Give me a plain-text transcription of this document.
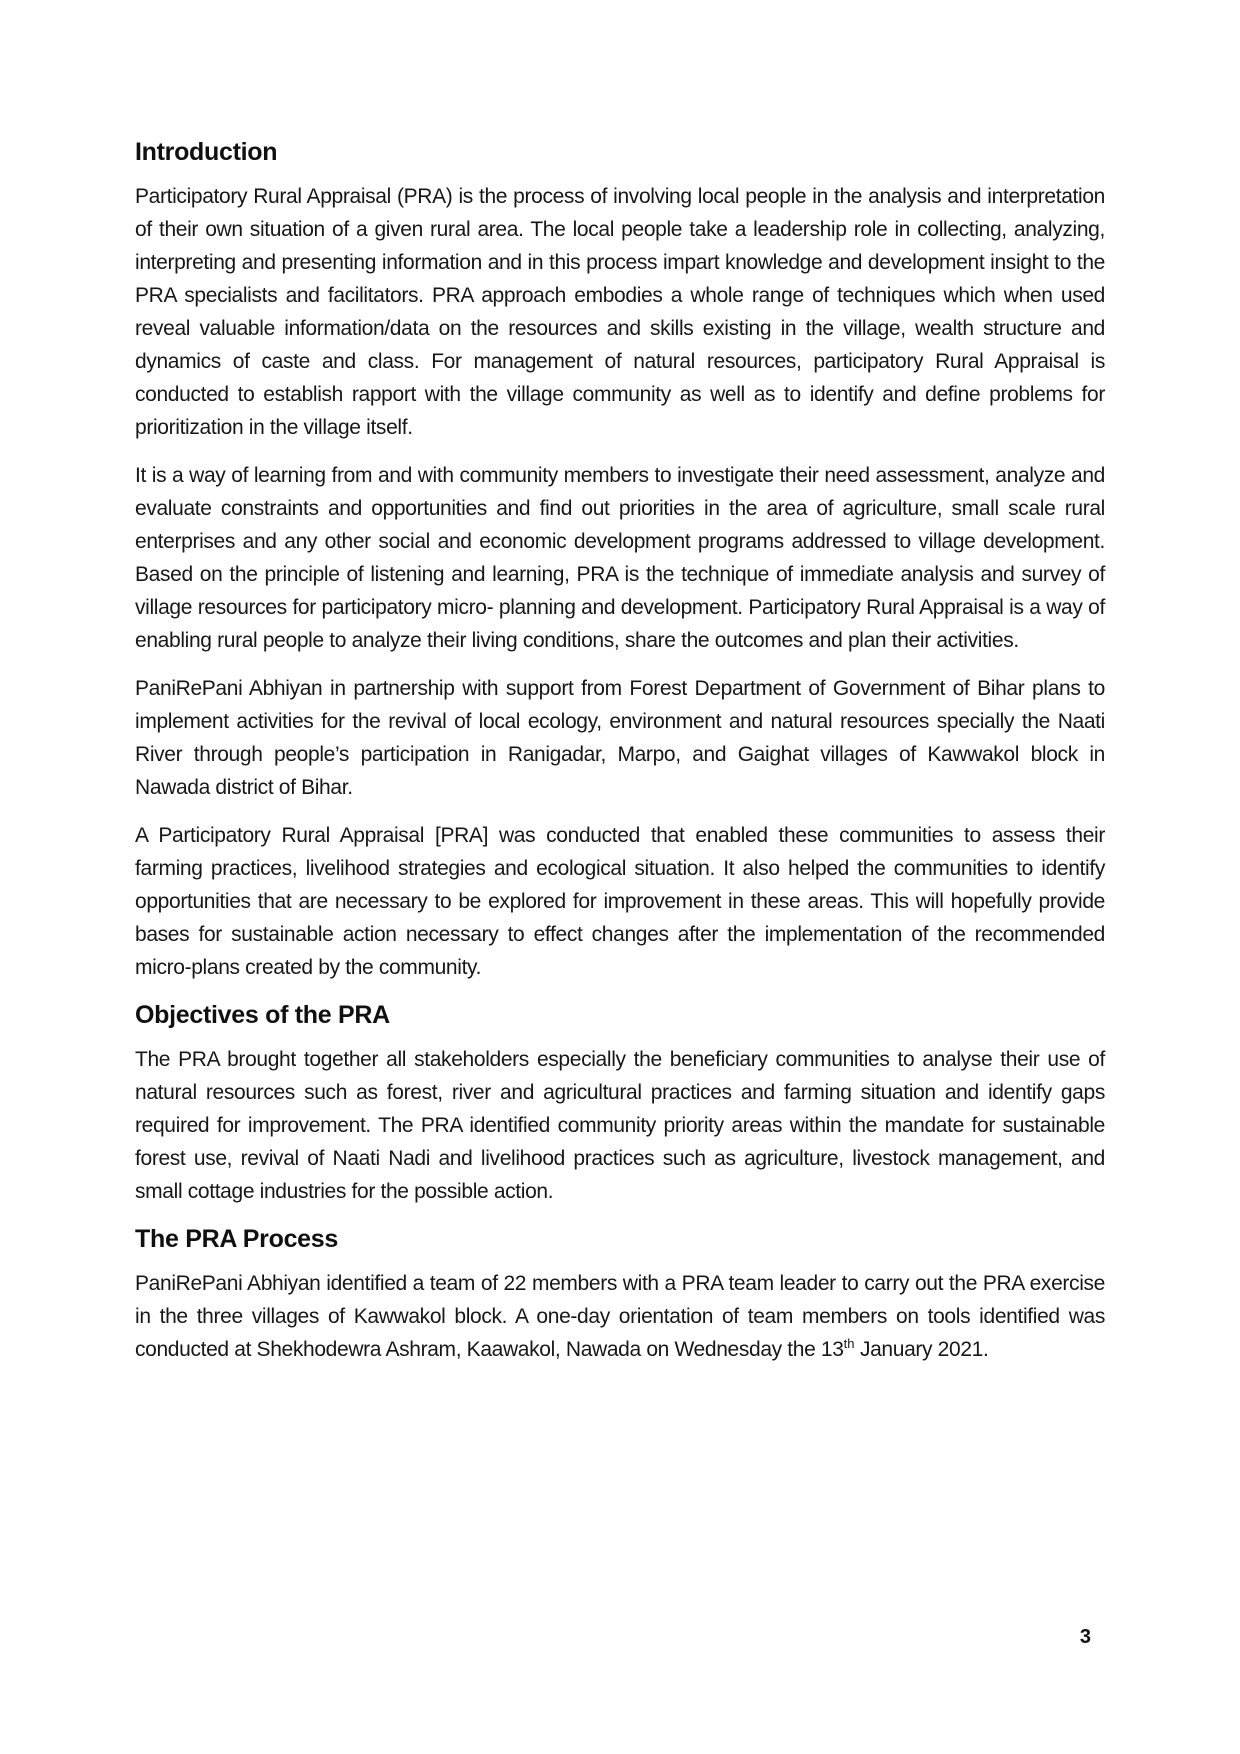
Introduction

Participatory Rural Appraisal (PRA) is the process of involving local people in the analysis and interpretation of their own situation of a given rural area. The local people take a leadership role in collecting, analyzing, interpreting and presenting information and in this process impart knowledge and development insight to the PRA specialists and facilitators. PRA approach embodies a whole range of techniques which when used reveal valuable information/data on the resources and skills existing in the village, wealth structure and dynamics of caste and class. For management of natural resources, participatory Rural Appraisal is conducted to establish rapport with the village community as well as to identify and define problems for prioritization in the village itself.

It is a way of learning from and with community members to investigate their need assessment, analyze and evaluate constraints and opportunities and find out priorities in the area of agriculture, small scale rural enterprises and any other social and economic development programs addressed to village development. Based on the principle of listening and learning, PRA is the technique of immediate analysis and survey of village resources for participatory micro- planning and development. Participatory Rural Appraisal is a way of enabling rural people to analyze their living conditions, share the outcomes and plan their activities.

PaniRePani Abhiyan in partnership with support from Forest Department of Government of Bihar plans to implement activities for the revival of local ecology, environment and natural resources specially the Naati River through people’s participation in Ranigadar, Marpo, and Gaighat villages of Kawwakol block in Nawada district of Bihar.

A Participatory Rural Appraisal [PRA] was conducted that enabled these communities to assess their farming practices, livelihood strategies and ecological situation. It also helped the communities to identify opportunities that are necessary to be explored for improvement in these areas. This will hopefully provide bases for sustainable action necessary to effect changes after the implementation of the recommended micro-plans created by the community.

Objectives of the PRA

The PRA brought together all stakeholders especially the beneficiary communities to analyse their use of natural resources such as forest, river and agricultural practices and farming situation and identify gaps required for improvement. The PRA identified community priority areas within the mandate for sustainable forest use, revival of Naati Nadi and livelihood practices such as agriculture, livestock management, and small cottage industries for the possible action.

The PRA Process

PaniRePani Abhiyan identified a team of 22 members with a PRA team leader to carry out the PRA exercise in the three villages of Kawwakol block. A one-day orientation of team members on tools identified was conducted at Shekhodewra Ashram, Kaawakol, Nawada on Wednesday the 13th January 2021.

3
